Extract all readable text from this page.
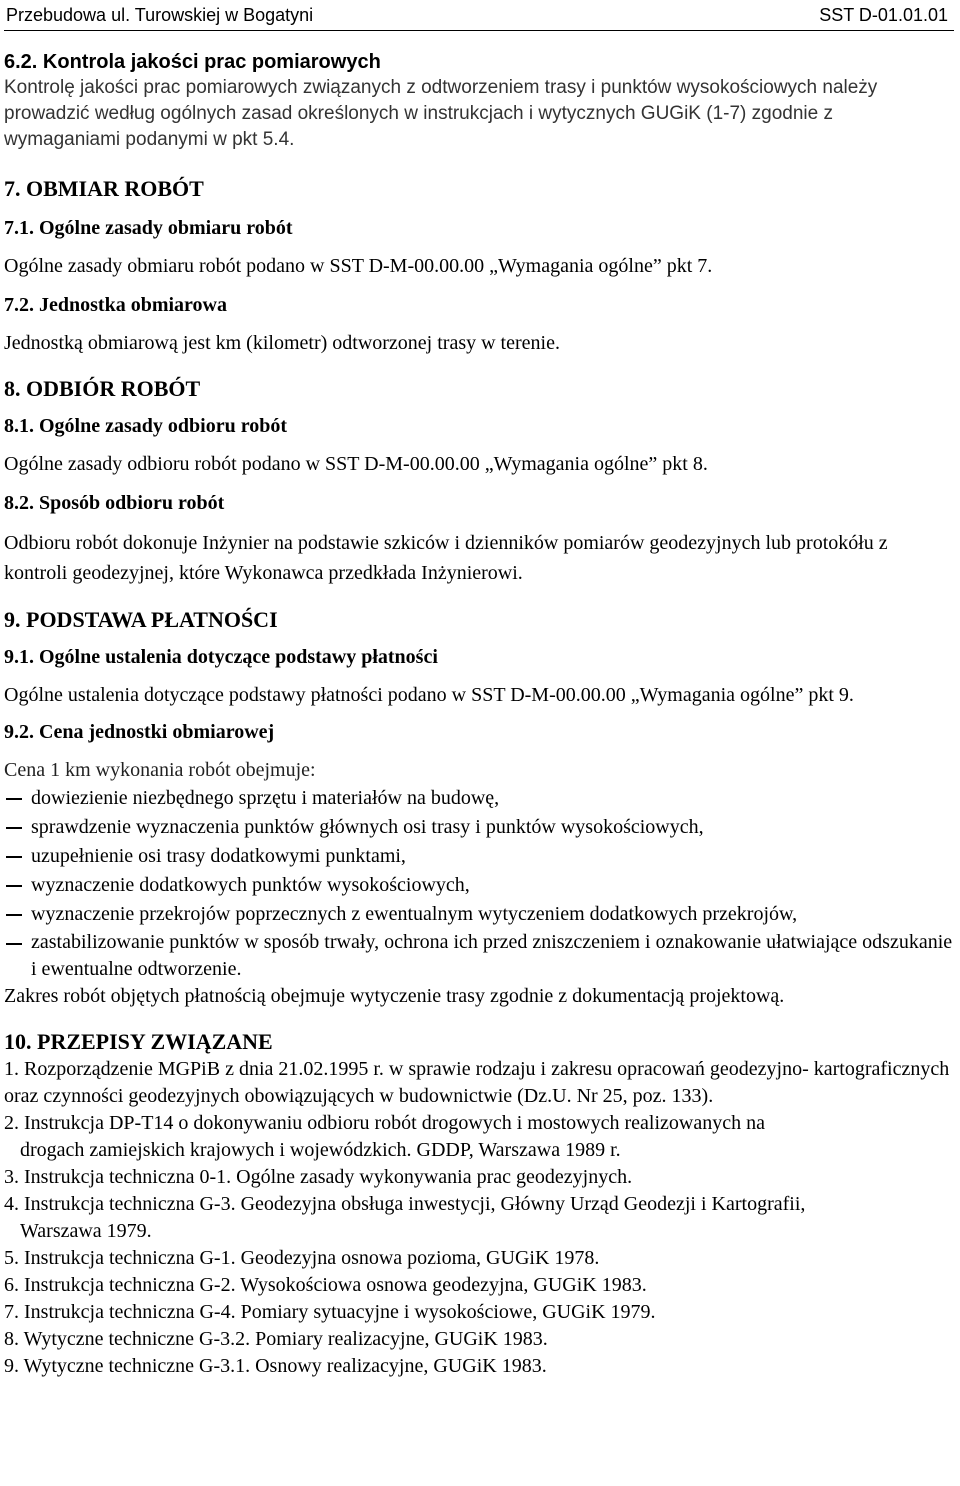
Przebudowa ul. Turowskiej w Bogatyni	SST D-01.01.01
6.2. Kontrola jakości prac pomiarowych

Kontrolę jakości prac pomiarowych związanych z odtworzeniem trasy i punktów wysokościowych należy prowadzić według ogólnych zasad określonych w instrukcjach i wytycznych GUGiK (1-7) zgodnie z wymaganiami podanymi w pkt 5.4.

7. OBMIAR ROBÓT
7.1. Ogólne zasady obmiaru robót

Ogólne zasady obmiaru robót podano w SST D-M-00.00.00 „Wymagania ogólne” pkt 7.

7.2. Jednostka obmiarowa

Jednostką obmiarową jest km (kilometr) odtworzonej trasy w terenie.

8. ODBIÓR ROBÓT
8.1. Ogólne zasady odbioru robót

Ogólne zasady odbioru robót podano w SST D-M-00.00.00 „Wymagania ogólne” pkt 8.

8.2. Sposób odbioru robót

Odbioru robót dokonuje Inżynier na podstawie szkiców i dzienników pomiarów geodezyjnych lub protokółu z kontroli geodezyjnej, które Wykonawca przedkłada Inżynierowi.

9. PODSTAWA PŁATNOŚCI
9.1. Ogólne ustalenia dotyczące podstawy płatności

Ogólne ustalenia dotyczące podstawy płatności podano w SST D-M-00.00.00 „Wymagania ogólne” pkt 9.

9.2. Cena jednostki obmiarowej

Cena 1 km wykonania robót obejmuje:

dowiezienie niezbędnego sprzętu i materiałów na budowę,
sprawdzenie wyznaczenia punktów głównych osi trasy i punktów wysokościowych,
uzupełnienie osi trasy dodatkowymi punktami,
wyznaczenie dodatkowych punktów wysokościowych,
wyznaczenie przekrojów poprzecznych z ewentualnym wytyczeniem dodatkowych przekrojów,
zastabilizowanie punktów w sposób trwały, ochrona ich przed zniszczeniem i oznakowanie ułatwiające odszukanie i ewentualne odtworzenie.

Zakres robót objętych płatnością obejmuje wytyczenie trasy zgodnie z dokumentacją projektową.

10. PRZEPISY ZWIĄZANE
1. Rozporządzenie MGPiB z dnia 21.02.1995 r. w sprawie rodzaju i zakresu opracowań geodezyjno- kartograficznych oraz czynności geodezyjnych obowiązujących w budownictwie (Dz.U. Nr 25, poz. 133).
2. Instrukcja DP-T14 o dokonywaniu odbioru robót drogowych i mostowych realizowanych na
drogach zamiejskich krajowych i wojewódzkich. GDDP, Warszawa 1989 r.
3. Instrukcja techniczna 0-1. Ogólne zasady wykonywania prac geodezyjnych.
4. Instrukcja techniczna G-3. Geodezyjna obsługa inwestycji, Główny Urząd Geodezji i Kartografii,
Warszawa 1979.
5. Instrukcja techniczna G-1. Geodezyjna osnowa pozioma, GUGiK 1978.
6. Instrukcja techniczna G-2. Wysokościowa osnowa geodezyjna, GUGiK 1983.
7. Instrukcja techniczna G-4. Pomiary sytuacyjne i wysokościowe, GUGiK 1979.
8. Wytyczne techniczne G-3.2. Pomiary realizacyjne, GUGiK 1983.
9. Wytyczne techniczne G-3.1. Osnowy realizacyjne, GUGiK 1983.
